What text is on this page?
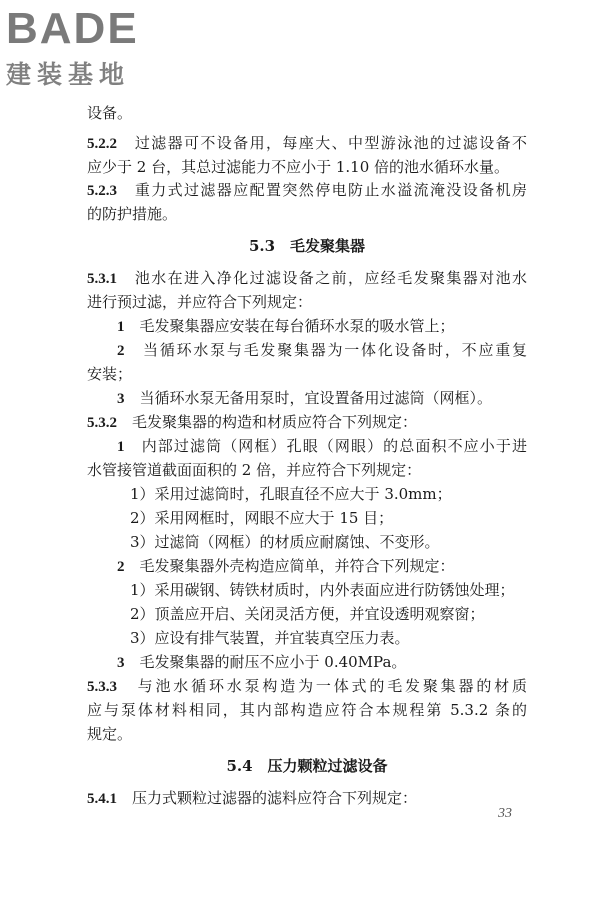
BADE
建装基地
设备。
5.2.2　 过滤器可不设备用，每座大、中型游泳池的过滤设备不
应少于 2 台，其总过滤能力不应小于 1.10 倍的池水循环水量。
5.2.3　 重力式过滤器应配置突然停电防止水溢流淹没设备机房
的防护措施。
5.3　毛发聚集器
5.3.1　 池水在进入净化过滤设备之前，应经毛发聚集器对池水
进行预过滤，并应符合下列规定：
1　 毛发聚集器应安装在每台循环水泵的吸水管上；
2　 当循环水泵与毛发聚集器为一体化设备时，不应重复
安装；
3　 当循环水泵无备用泵时，宜设置备用过滤筒（网框）。
5.3.2　 毛发聚集器的构造和材质应符合下列规定：
1　 内部过滤筒（网框）孔眼（网眼）的总面积不应小于进
水管接管道截面面积的 2 倍，并应符合下列规定：
1）采用过滤筒时，孔眼直径不应大于 3.0mm；
2）采用网框时，网眼不应大于 15 目；
3）过滤筒（网框）的材质应耐腐蚀、不变形。
2　 毛发聚集器外壳构造应简单，并符合下列规定：
1）采用碳钢、铸铁材质时，内外表面应进行防锈蚀处理；
2）顶盖应开启、关闭灵活方便，并宜设透明观察窗；
3）应设有排气装置，并宜装真空压力表。
3　 毛发聚集器的耐压不应小于 0.40MPa。
5.3.3　 与池水循环水泵构造为一体式的毛发聚集器的材质
应与泵体材料相同，其内部构造应符合本规程第 5.3.2 条的
规定。
5.4　压力颗粒过滤设备
5.4.1　 压力式颗粒过滤器的滤料应符合下列规定：
33
